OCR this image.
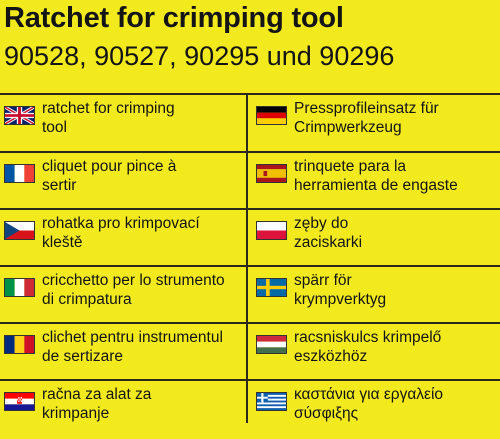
Ratchet for crimping tool
90528, 90527, 90295 und 90296
ratchet for crimping
tool
Pressprofileinsatz für
Crimpwerkzeug
cliquet pour pince à
sertir
trinquete para la
herramienta de engaste
rohatka pro krimpovací
kleště
zęby do
zaciskarki
cricchetto per lo strumento
di crimpatura
spärr för
krympverktyg
clichet pentru instrumentul
de sertizare
racsniskulcs krimpelő
eszközhöz
račna za alat za
krimpanje
καστάνια για εργαλείο
σύσφιξης
